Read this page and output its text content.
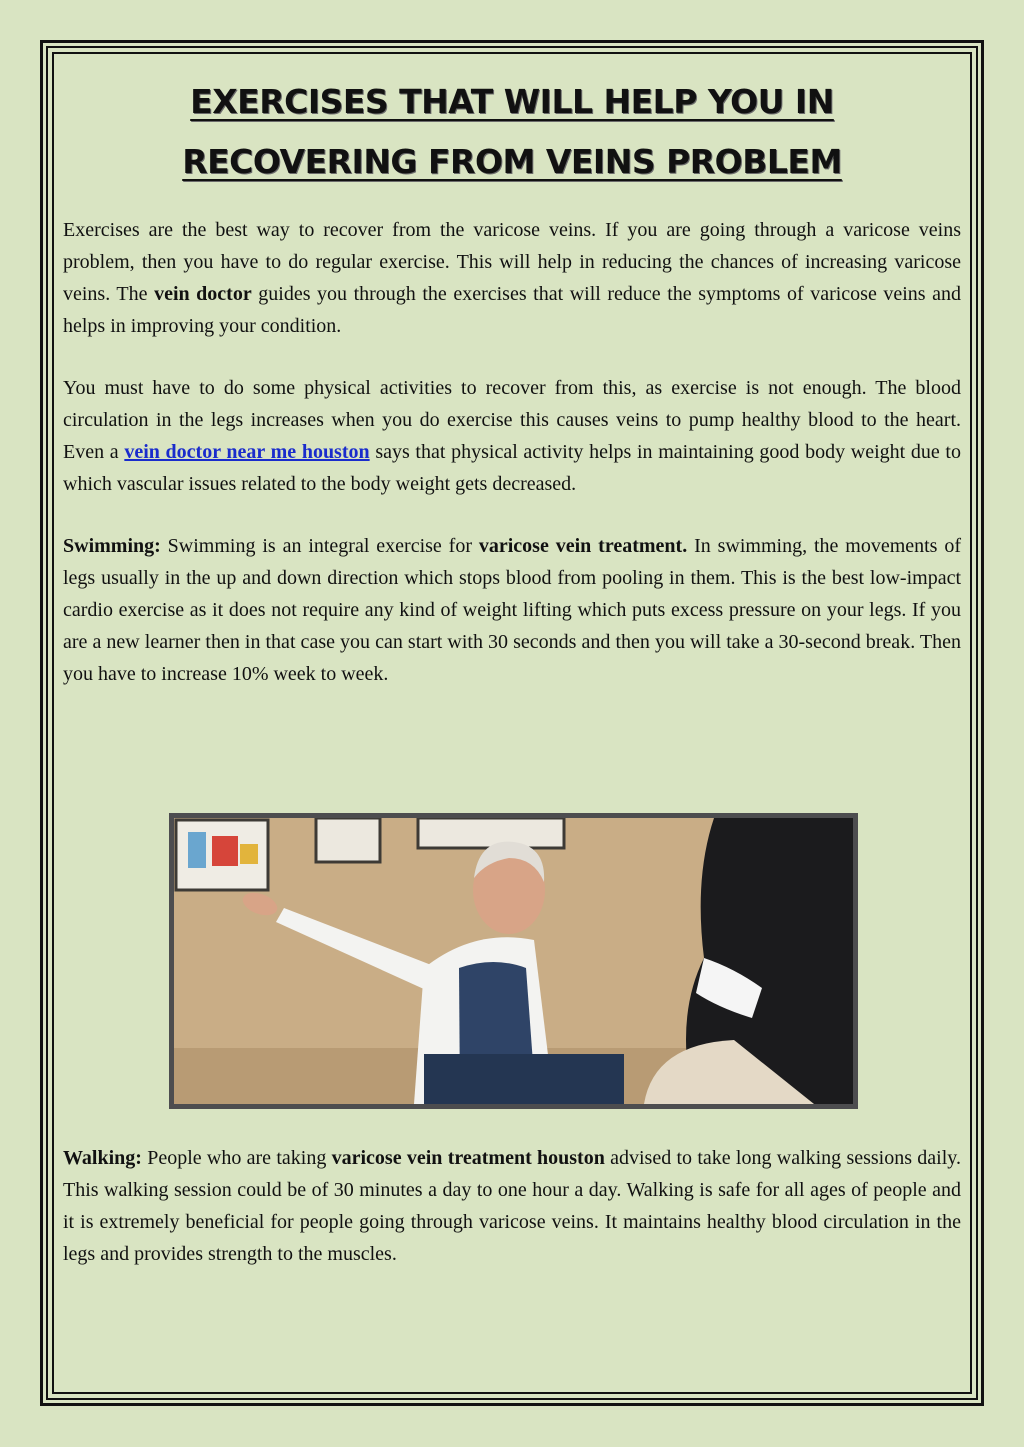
EXERCISES THAT WILL HELP YOU IN
RECOVERING FROM VEINS PROBLEM

Exercises are the best way to recover from the varicose veins. If you are going through a varicose veins problem, then you have to do regular exercise. This will help in reducing the chances of increasing varicose veins. The vein doctor guides you through the exercises that will reduce the symptoms of varicose veins and helps in improving your condition.

You must have to do some physical activities to recover from this, as exercise is not enough. The blood circulation in the legs increases when you do exercise this causes veins to pump healthy blood to the heart. Even a vein doctor near me houston says that physical activity helps in maintaining good body weight due to which vascular issues related to the body weight gets decreased.

Swimming: Swimming is an integral exercise for varicose vein treatment. In swimming, the movements of legs usually in the up and down direction which stops blood from pooling in them. This is the best low-impact cardio exercise as it does not require any kind of weight lifting which puts excess pressure on your legs. If you are a new learner then in that case you can start with 30 seconds and then you will take a 30-second break. Then you have to increase 10% week to week.

Walking: People who are taking varicose vein treatment houston advised to take long walking sessions daily. This walking session could be of 30 minutes a day to one hour a day. Walking is safe for all ages of people and it is extremely beneficial for people going through varicose veins. It maintains healthy blood circulation in the legs and provides strength to the muscles.
